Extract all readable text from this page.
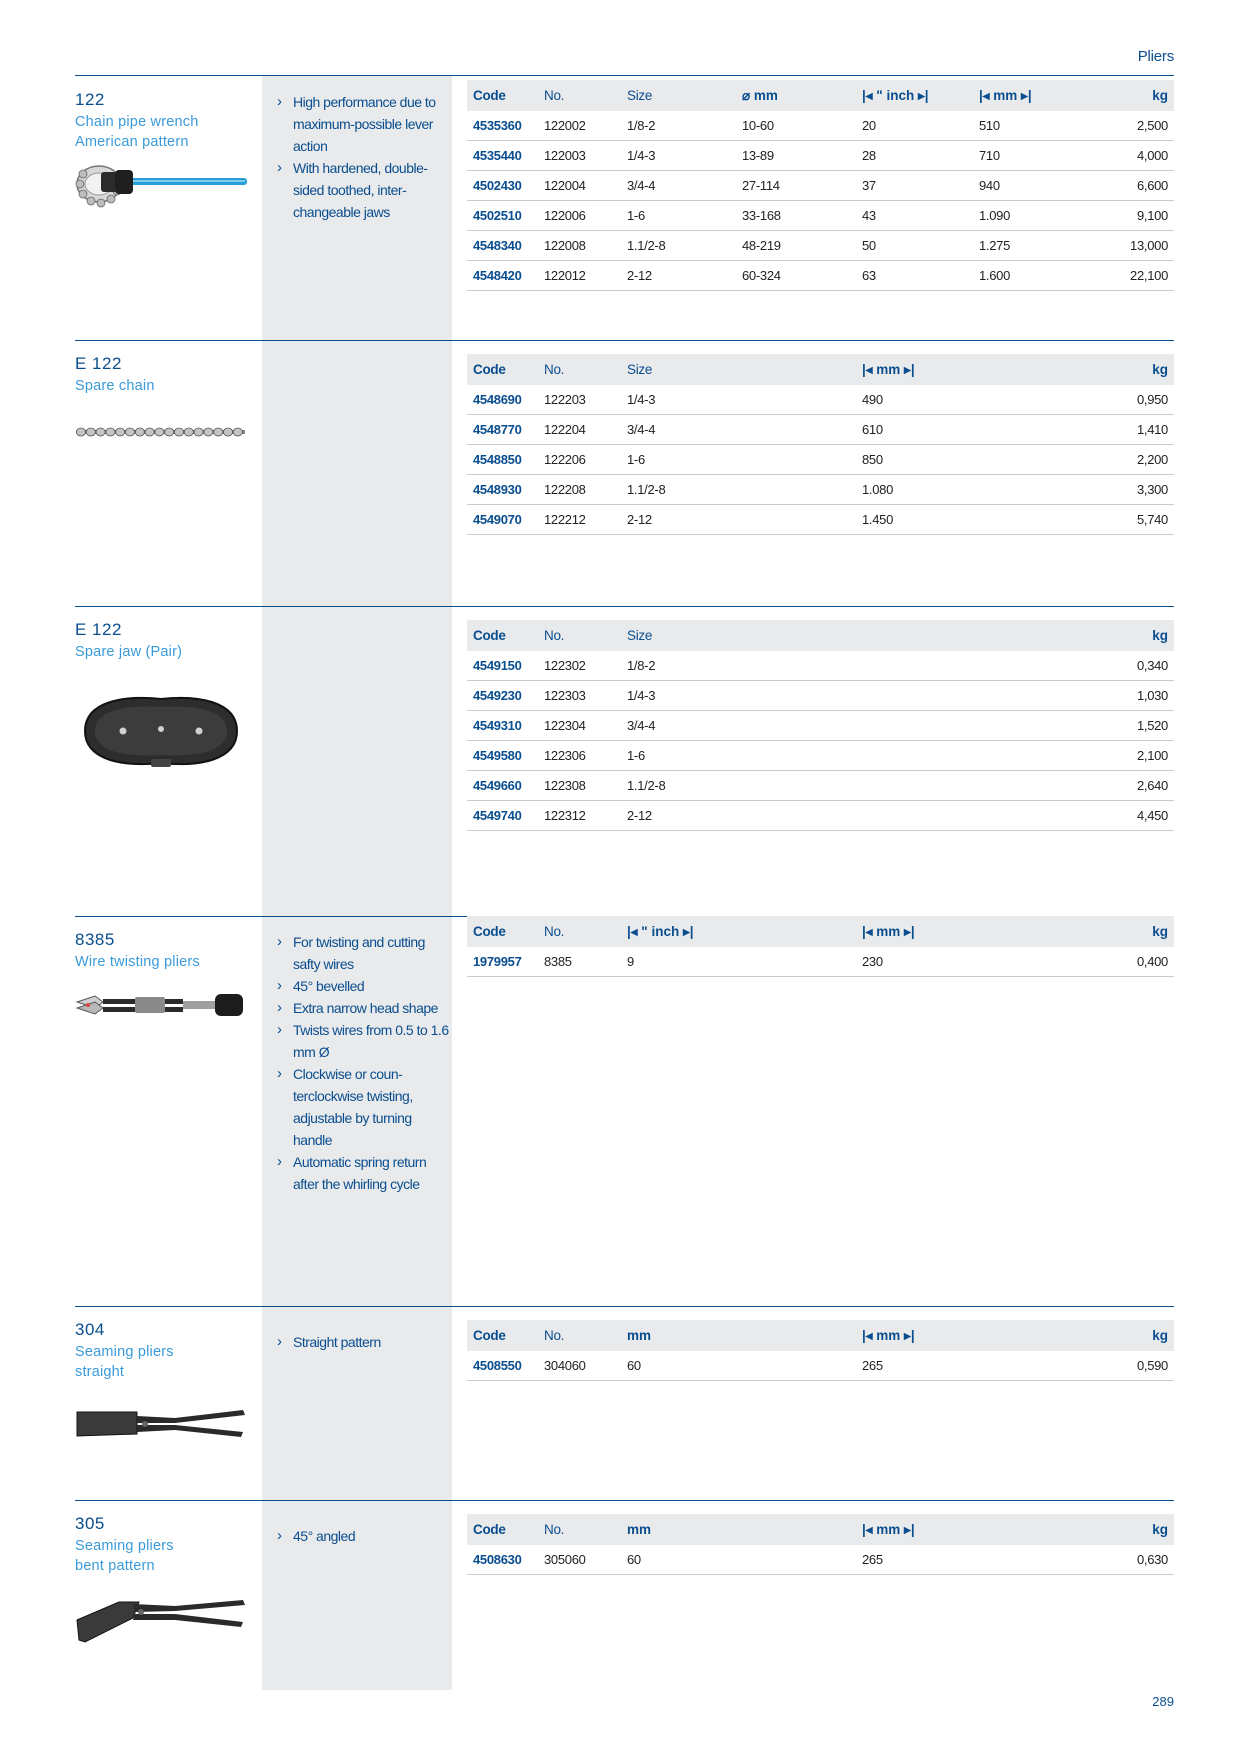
Pliers
122
Chain pipe wrench
American pattern
› High performance due to maximum-possible lever action
› With hardened, double-sided toothed, inter-changeable jaws
Code	No.	Size	⌀ mm	|◂ " inch ▸|	|◂ mm ▸|	kg
4535360 122002	1/8-2	10-60	20	510	2,500
4535440 122003	1/4-3	13-89	28	710	4,000
4502430 122004	3/4-4	27-114	37	940	6,600
4502510 122006	1-6	33-168	43	1.090	9,100
4548340 122008	1.1/2-8	48-219	50	1.275	13,000
4548420 122012	2-12	60-324	63	1.600	22,100
E 122
Spare chain
Code	No.	Size	|◂ mm ▸|	kg
4548690 122203	1/4-3	490	0,950
4548770 122204	3/4-4	610	1,410
4548850 122206	1-6	850	2,200
4548930 122208	1.1/2-8	1.080	3,300
4549070 122212	2-12	1.450	5,740
E 122
Spare jaw (Pair)
Code	No.	Size	kg
4549150 122302	1/8-2	0,340
4549230 122303	1/4-3	1,030
4549310 122304	3/4-4	1,520
4549580 122306	1-6	2,100
4549660 122308	1.1/2-8	2,640
4549740 122312	2-12	4,450
8385
Wire twisting pliers
› For twisting and cutting safty wires
› 45° bevelled
› Extra narrow head shape
› Twists wires from 0.5 to 1.6 mm Ø
› Clockwise or coun-terclockwise twisting, adjustable by turning handle
› Automatic spring return after the whirling cycle
Code	No.	|◂ " inch ▸|	|◂ mm ▸|	kg
1979957 8385	9	230	0,400
304
Seaming pliers
straight
› Straight pattern	Code	No.	mm	|◂ mm ▸|	kg
4508550 304060	60	265	0,590
305
Seaming pliers
bent pattern
› 45° angled	Code	No.	mm	|◂ mm ▸|	kg
4508630 305060	60	265	0,630
289
